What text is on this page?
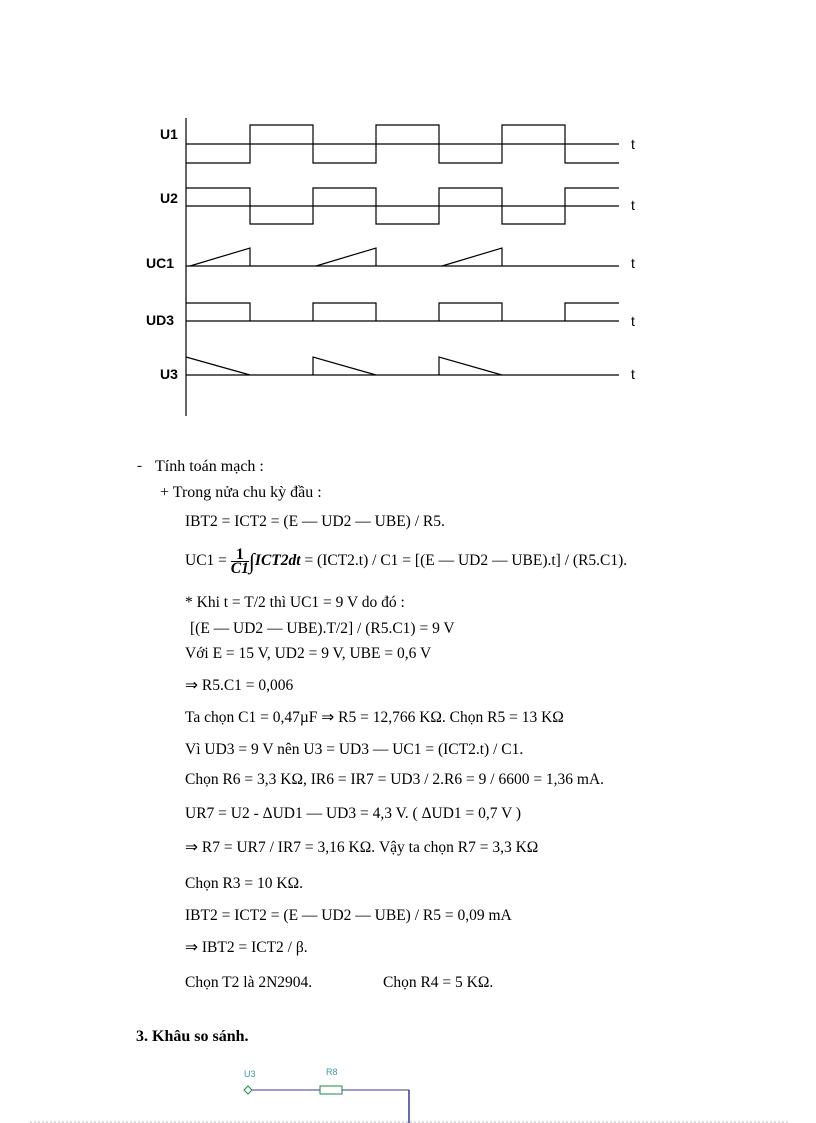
U1
U2
UC1
UD3
U3
t
t
t
t
t
- Tính toán mạch :
+ Trong nửa chu kỳ đầu :
IBT2 = ICT2 = (E — UD2 — UBE) / R5.
$UC1 = \frac{1}{C1}\int ICT2dt = (ICT2.t) / C1 = [(E$ — UD2 — UBE).t] / (R5.C1).
* Khi t = T/2 thì UC1 = 9 V do đó :
[(E — UD2 — UBE).T/2] / (R5.C1) = 9 V
Với E = 15 V, UD2 = 9 V, UBE = 0,6 V
⇒ R5.C1 = 0,006
Ta chọn C1 = 0,47µF ⇒ R5 = 12,766 KΩ. Chọn R5 = 13 KΩ
Vì UD3 = 9 V nên U3 = UD3 — UC1 = (ICT2.t) / C1.
Chọn R6 = 3,3 KΩ, IR6 = IR7 = UD3 / 2.R6 = 9 / 6600 = 1,36 mA.
UR7 = U2 - ΔUD1 — UD3 = 4,3 V. ( ΔUD1 = 0,7 V )
⇒ R7 = UR7 / IR7 = 3,16 KΩ. Vậy ta chọn R7 = 3,3 KΩ
Chọn R3 = 10 KΩ.
IBT2 = ICT2 = (E — UD2 — UBE) / R5 = 0,09 mA
⇒ IBT2 = ICT2 / β.
Chọn T2 là 2N2904.	Chọn R4 = 5 KΩ.
3. Khâu so sánh.
U3	R8
